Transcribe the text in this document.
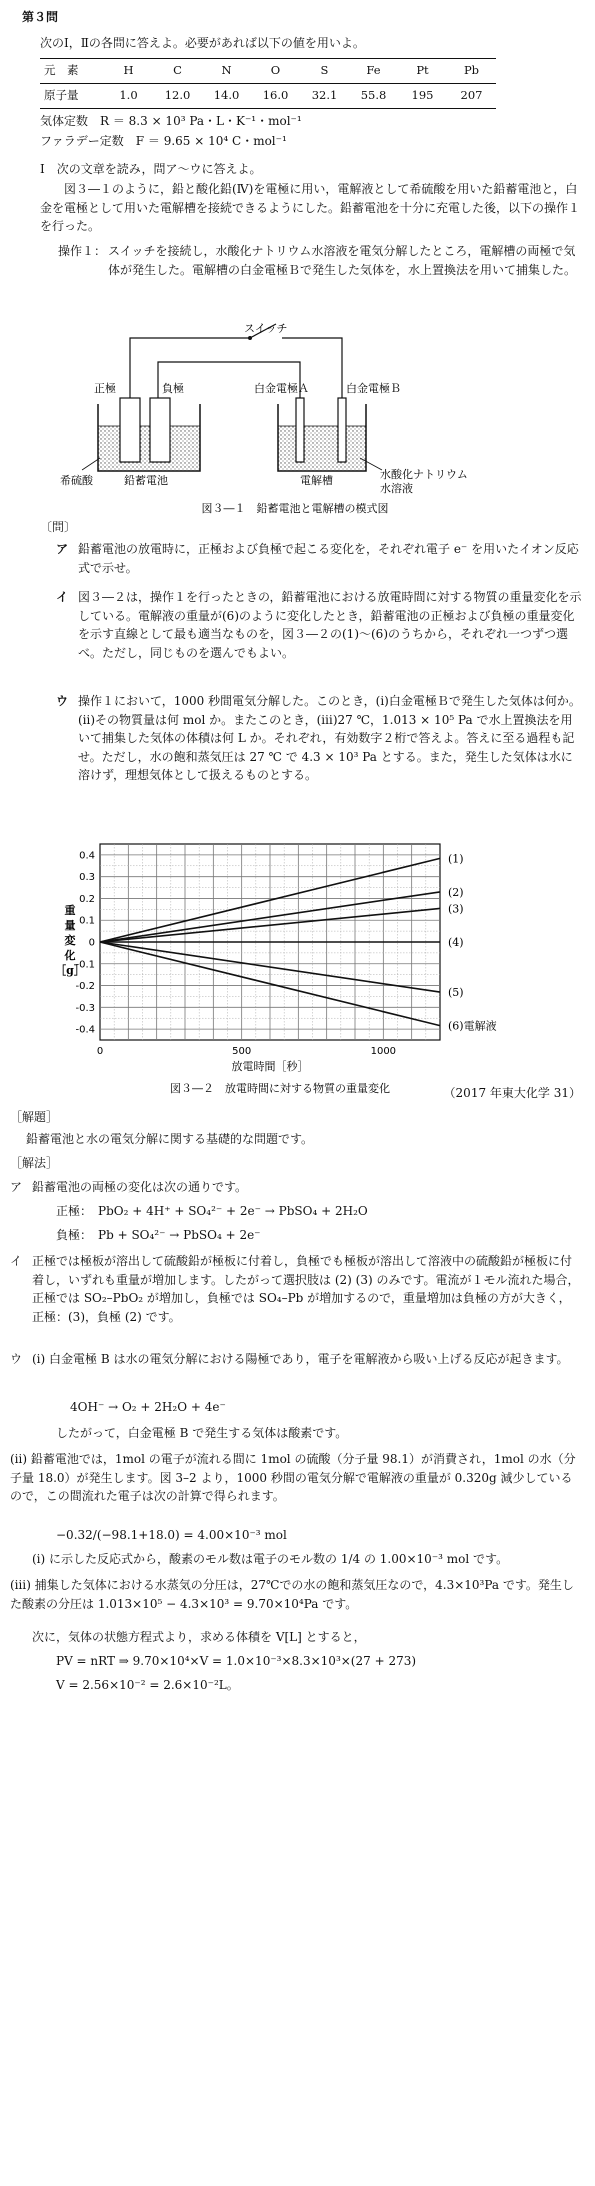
第３問
次のⅠ，Ⅱの各問に答えよ。必要があれば以下の値を用いよ。
元　素	H	C	N	O	S	Fe	Pt	Pb
原子量	1.0	12.0	14.0	16.0	32.1	55.8	195	207
気体定数　R ＝ 8.3 × 10³ Pa・L・K⁻¹・mol⁻¹
ファラデー定数　F ＝ 9.65 × 10⁴ C・mol⁻¹
Ⅰ　次の文章を読み，問ア～ウに答えよ。
図３―１のように，鉛と酸化鉛(Ⅳ)を電極に用い，電解液として希硫酸を用いた鉛蓄電池と，白金を電極として用いた電解槽を接続できるようにした。鉛蓄電池を十分に充電した後，以下の操作１を行った。
操作１： スイッチを接続し，水酸化ナトリウム水溶液を電気分解したところ，電解槽の両極で気体が発生した。電解槽の白金電極Ｂで発生した気体を，水上置換法を用いて捕集した。
スイッチ
正極	負極	白金電極Ａ	白金電極Ｂ
希硫酸	鉛蓄電池	電解槽	水酸化ナトリウム
水溶液
図３―１　鉛蓄電池と電解槽の模式図
〔問〕
ア 鉛蓄電池の放電時に，正極および負極で起こる変化を，それぞれ電子 e⁻ を用いたイオン反応式で示せ。
イ 図３―２は，操作１を行ったときの，鉛蓄電池における放電時間に対する物質の重量変化を示している。電解液の重量が(6)のように変化したとき，鉛蓄電池の正極および負極の重量変化を示す直線として最も適当なものを，図３―２の(1)～(6)のうちから，それぞれ一つずつ選べ。ただし，同じものを選んでもよい。
ウ 操作１において，1000 秒間電気分解した。このとき，(ⅰ)白金電極Ｂで発生した気体は何か。(ⅱ)その物質量は何 mol か。またこのとき，(ⅲ)27 ℃，1.013 × 10⁵ Pa で水上置換法を用いて捕集した気体の体積は何 L か。それぞれ，有効数字２桁で答えよ。答えに至る過程も記せ。ただし，水の飽和蒸気圧は 27 ℃ で 4.3 × 10³ Pa とする。また，発生した気体は水に溶けず，理想気体として扱えるものとする。
0.4
0.3
0.2
0.1
0
-0.1
-0.2
-0.3
-0.4
0	500	1000
(1)
(2)
(3)
(4)
(5)
(6)電解液
重
量
変
化
［g］
放電時間［秒］
図３―２　放電時間に対する物質の重量変化	（2017 年東大化学 31）
［解題］
鉛蓄電池と水の電気分解に関する基礎的な問題です。
［解法］
ア 鉛蓄電池の両極の変化は次の通りです。
正極：　PbO₂ + 4H⁺ + SO₄²⁻ + 2e⁻ → PbSO₄ + 2H₂O
負極：　Pb + SO₄²⁻ → PbSO₄ + 2e⁻
イ 正極では極板が溶出して硫酸鉛が極板に付着し，負極でも極板が溶出して溶液中の硫酸鉛が極板に付着し，いずれも重量が増加します。したがって選択肢は (2) (3) のみです。電流が１モル流れた場合，正極では SO₂–PbO₂ が増加し，負極では SO₄–Pb が増加するので，重量増加は負極の方が大きく，正極：(3)，負極 (2) です。
ウ (ⅰ) 白金電極 B は水の電気分解における陽極であり，電子を電解液から吸い上げる反応が起きます。
4OH⁻ → O₂ + 2H₂O + 4e⁻
したがって，白金電極 B で発生する気体は酸素です。
(ⅱ) 鉛蓄電池では，1mol の電子が流れる間に 1mol の硫酸（分子量 98.1）が消費され，1mol の水（分子量 18.0）が発生します。図 3–2 より，1000 秒間の電気分解で電解液の重量が 0.320g 減少しているので，この間流れた電子は次の計算で得られます。
−0.32/(−98.1+18.0) = 4.00×10⁻³ mol
(ⅰ) に示した反応式から，酸素のモル数は電子のモル数の 1/4 の 1.00×10⁻³ mol です。
(ⅲ) 捕集した気体における水蒸気の分圧は，27℃での水の飽和蒸気圧なので，4.3×10³Pa です。発生した酸素の分圧は 1.013×10⁵ − 4.3×10³ = 9.70×10⁴Pa です。
次に，気体の状態方程式より，求める体積を V[L] とすると，
PV = nRT ⇒ 9.70×10⁴×V = 1.0×10⁻³×8.3×10³×(27 + 273)
V = 2.56×10⁻² = 2.6×10⁻²L。
